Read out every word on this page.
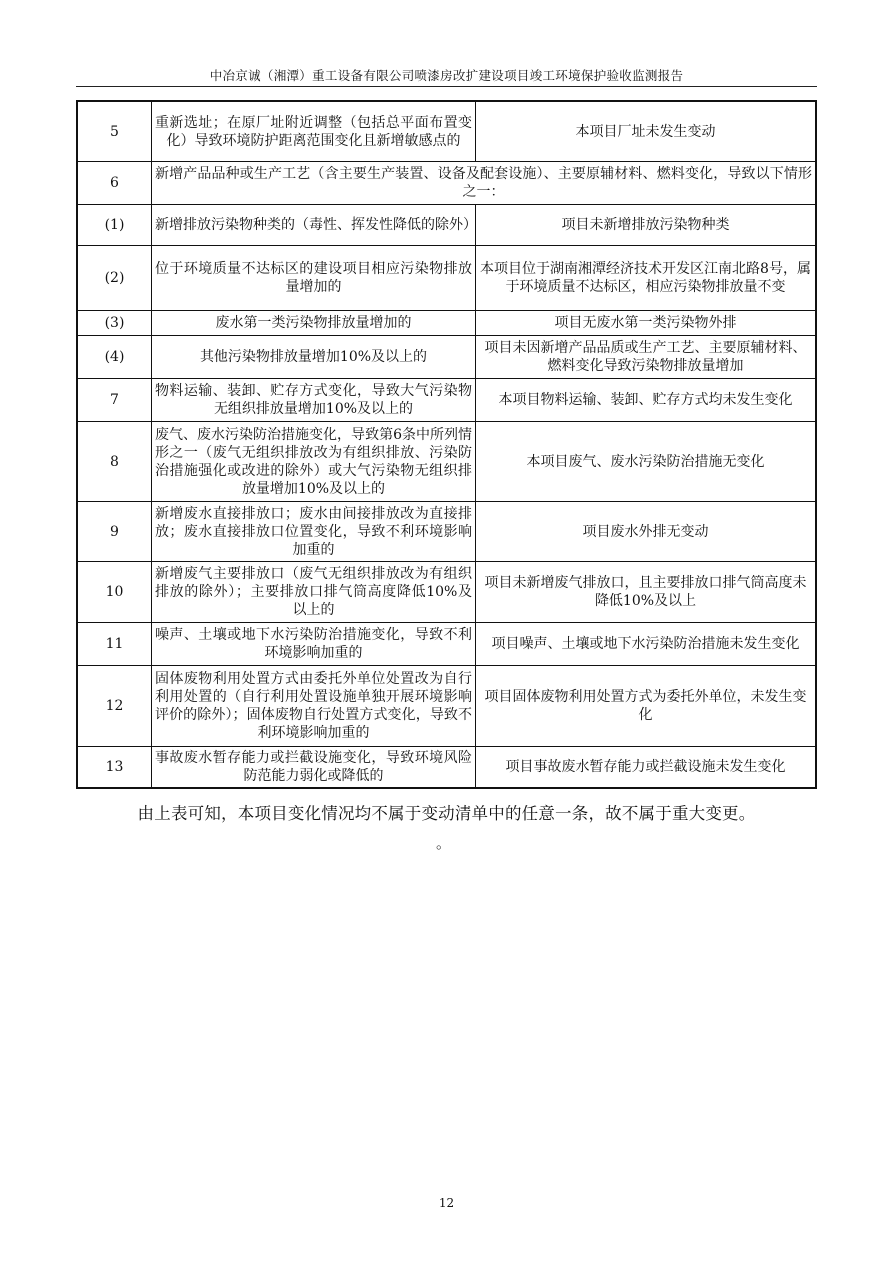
中冶京诚（湘潭）重工设备有限公司喷漆房改扩建设项目竣工环境保护验收监测报告
5	重新选址；在原厂址附近调整（包括总平面布置变化）导致环境防护距离范围变化且新增敏感点的	本项目厂址未发生变动
6	新增产品品种或生产工艺（含主要生产装置、设备及配套设施）、主要原辅材料、燃料变化，导致以下情形之一：	
(1)	新增排放污染物种类的（毒性、挥发性降低的除外）	项目未新增排放污染物种类
(2)	位于环境质量不达标区的建设项目相应污染物排放量增加的	本项目位于湖南湘潭经济技术开发区江南北路8号，属于环境质量不达标区，相应污染物排放量不变
(3)	废水第一类污染物排放量增加的	项目无废水第一类污染物外排
(4)	其他污染物排放量增加10%及以上的	项目未因新增产品品质或生产工艺、主要原辅材料、燃料变化导致污染物排放量增加
7	物料运输、装卸、贮存方式变化，导致大气污染物无组织排放量增加10%及以上的	本项目物料运输、装卸、贮存方式均未发生变化
8	废气、废水污染防治措施变化，导致第6条中所列情形之一（废气无组织排放改为有组织排放、污染防治措施强化或改进的除外）或大气污染物无组织排放量增加10%及以上的	本项目废气、废水污染防治措施无变化
9	新增废水直接排放口；废水由间接排放改为直接排放；废水直接排放口位置变化，导致不利环境影响加重的	项目废水外排无变动
10	新增废气主要排放口（废气无组织排放改为有组织排放的除外）；主要排放口排气筒高度降低10%及以上的	项目未新增废气排放口，且主要排放口排气筒高度未降低10%及以上
11	噪声、土壤或地下水污染防治措施变化，导致不利环境影响加重的	项目噪声、土壤或地下水污染防治措施未发生变化
12	固体废物利用处置方式由委托外单位处置改为自行利用处置的（自行利用处置设施单独开展环境影响评价的除外）；固体废物自行处置方式变化，导致不利环境影响加重的	项目固体废物利用处置方式为委托外单位，未发生变化
13	事故废水暂存能力或拦截设施变化，导致环境风险防范能力弱化或降低的	项目事故废水暂存能力或拦截设施未发生变化
由上表可知，本项目变化情况均不属于变动清单中的任意一条，故不属于重大变更。
。
12
